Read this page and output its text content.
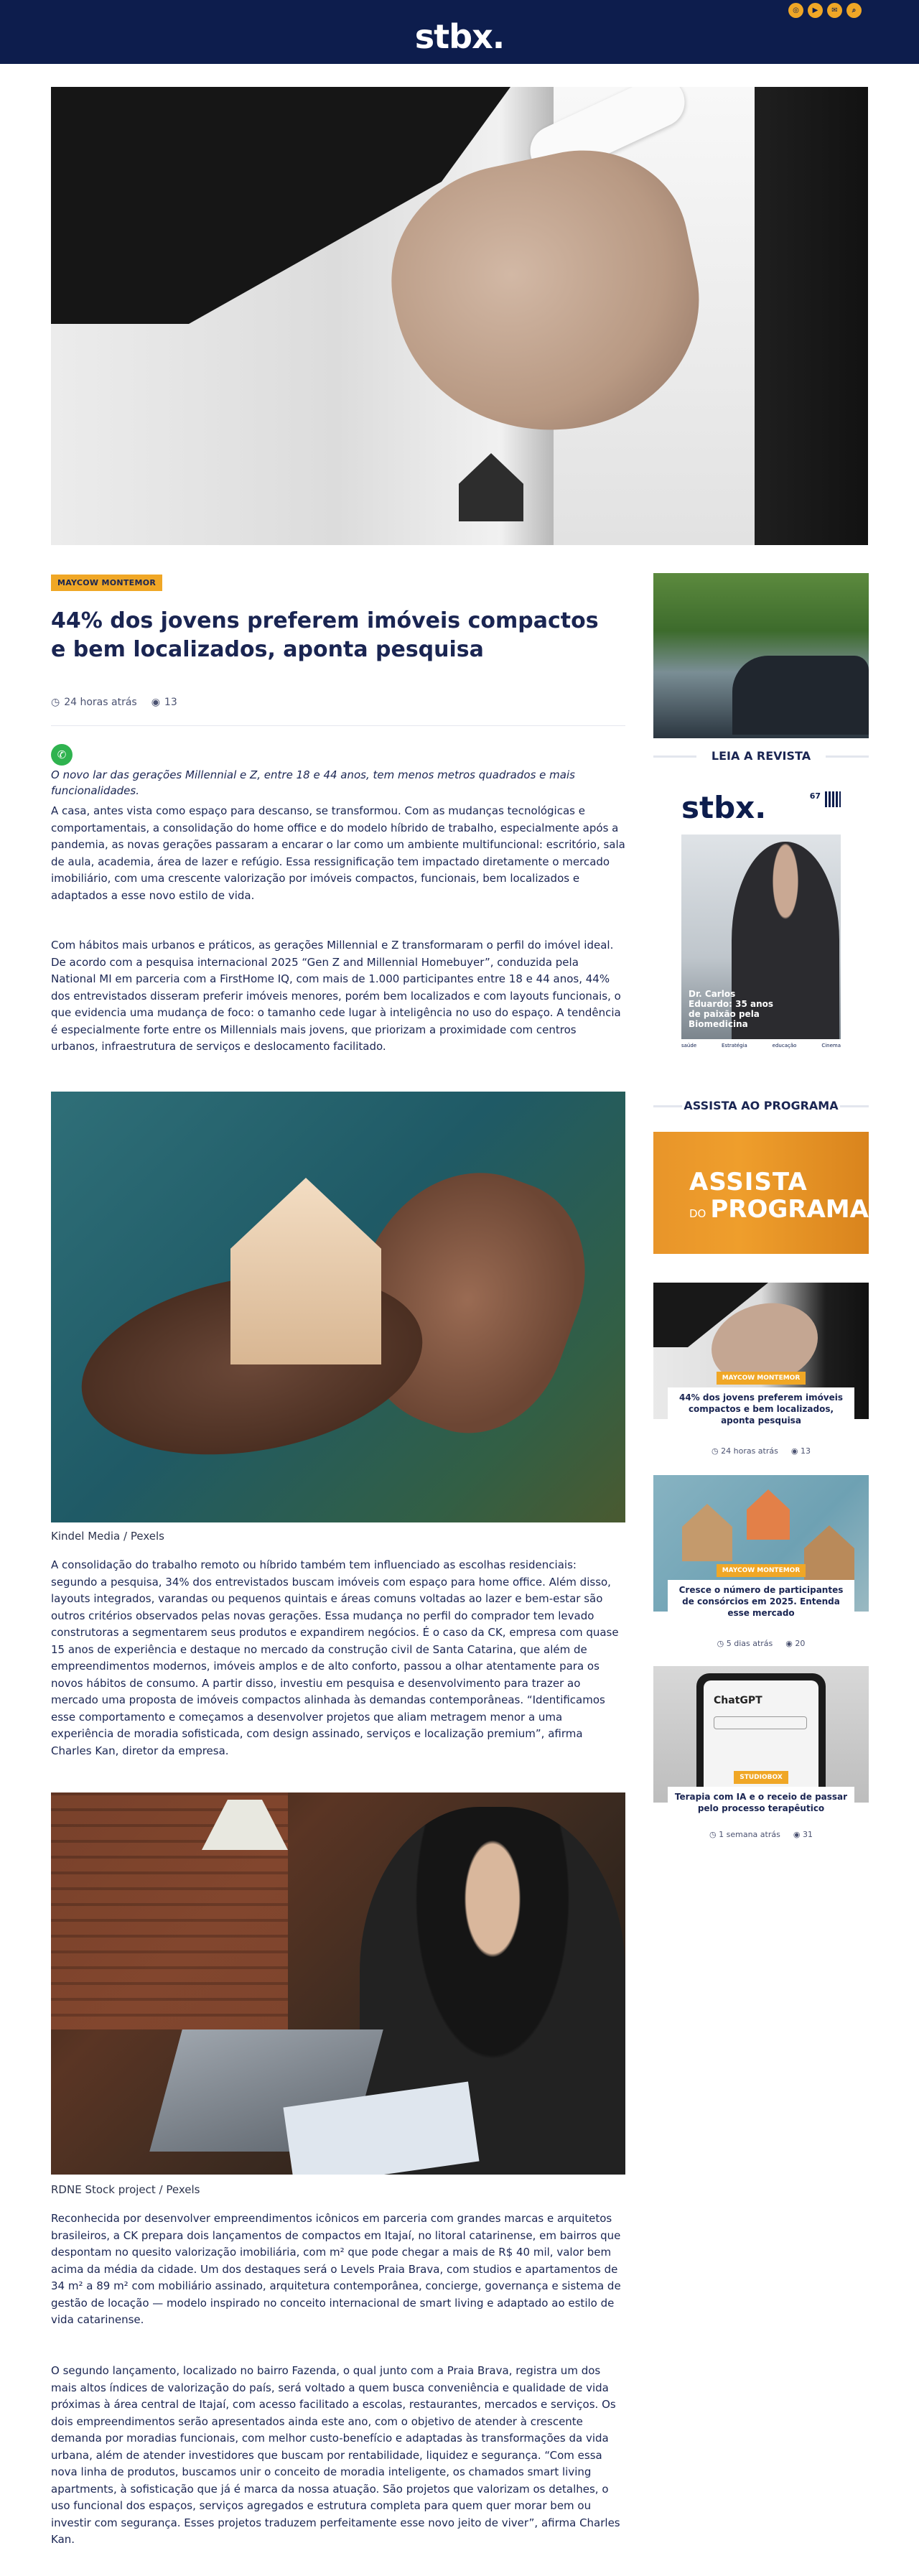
stbx.
◎	▶	✉	⌕
MAYCOW MONTEMOR
44% dos jovens preferem imóveis compactos e bem localizados, aponta pesquisa
◷ 24 horas atrás ◉ 13
✆

O novo lar das gerações Millennial e Z, entre 18 e 44 anos, tem menos metros quadrados e mais funcionalidades.

A casa, antes vista como espaço para descanso, se transformou. Com as mudanças tecnológicas e comportamentais, a consolidação do home office e do modelo híbrido de trabalho, especialmente após a pandemia, as novas gerações passaram a encarar o lar como um ambiente multifuncional: escritório, sala de aula, academia, área de lazer e refúgio. Essa ressignificação tem impactado diretamente o mercado imobiliário, com uma crescente valorização por imóveis compactos, funcionais, bem localizados e adaptados a esse novo estilo de vida.

Com hábitos mais urbanos e práticos, as gerações Millennial e Z transformaram o perfil do imóvel ideal. De acordo com a pesquisa internacional 2025 “Gen Z and Millennial Homebuyer”, conduzida pela National MI em parceria com a FirstHome IQ, com mais de 1.000 participantes entre 18 e 44 anos, 44% dos entrevistados disseram preferir imóveis menores, porém bem localizados e com layouts funcionais, o que evidencia uma mudança de foco: o tamanho cede lugar à inteligência no uso do espaço. A tendência é especialmente forte entre os Millennials mais jovens, que priorizam a proximidade com centros urbanos, infraestrutura de serviços e deslocamento facilitado.

Kindel Media / Pexels

A consolidação do trabalho remoto ou híbrido também tem influenciado as escolhas residenciais: segundo a pesquisa, 34% dos entrevistados buscam imóveis com espaço para home office. Além disso, layouts integrados, varandas ou pequenos quintais e áreas comuns voltadas ao lazer e bem-estar são outros critérios observados pelas novas gerações. Essa mudança no perfil do comprador tem levado construtoras a segmentarem seus produtos e expandirem negócios. É o caso da CK, empresa com quase 15 anos de experiência e destaque no mercado da construção civil de Santa Catarina, que além de empreendimentos modernos, imóveis amplos e de alto conforto, passou a olhar atentamente para os novos hábitos de consumo. A partir disso, investiu em pesquisa e desenvolvimento para trazer ao mercado uma proposta de imóveis compactos alinhada às demandas contemporâneas. “Identificamos esse comportamento e começamos a desenvolver projetos que aliam metragem menor a uma experiência de moradia sofisticada, com design assinado, serviços e localização premium”, afirma Charles Kan, diretor da empresa.

RDNE Stock project / Pexels

Reconhecida por desenvolver empreendimentos icônicos em parceria com grandes marcas e arquitetos brasileiros, a CK prepara dois lançamentos de compactos em Itajaí, no litoral catarinense, em bairros que despontam no quesito valorização imobiliária, com m² que pode chegar a mais de R$ 40 mil, valor bem acima da média da cidade. Um dos destaques será o Levels Praia Brava, com studios e apartamentos de 34 m² a 89 m² com mobiliário assinado, arquitetura contemporânea, concierge, governança e sistema de gestão de locação — modelo inspirado no conceito internacional de smart living e adaptado ao estilo de vida catarinense.

O segundo lançamento, localizado no bairro Fazenda, o qual junto com a Praia Brava, registra um dos mais altos índices de valorização do país, será voltado a quem busca conveniência e qualidade de vida próximas à área central de Itajaí, com acesso facilitado a escolas, restaurantes, mercados e serviços. Os dois empreendimentos serão apresentados ainda este ano, com o objetivo de atender à crescente demanda por moradias funcionais, com melhor custo-benefício e adaptadas às transformações da vida urbana, além de atender investidores que buscam por rentabilidade, liquidez e segurança. “Com essa nova linha de produtos, buscamos unir o conceito de moradia inteligente, os chamados smart living apartments, à sofisticação que já é marca da nossa atuação. São projetos que valorizam os detalhes, o uso funcional dos espaços, serviços agregados e estrutura completa para quem quer morar bem ou investir com segurança. Esses projetos traduzem perfeitamente esse novo jeito de viver”, afirma Charles Kan.

LEIA A REVISTA
stbx.	67
Dr. Carlos Eduardo: 35 anos de paixão pela Biomedicina
saúde	Estratégia	educação	Cinema
ASSISTA AO PROGRAMA
ASSISTA
DO PROGRAMA
MAYCOW MONTEMOR
44% dos jovens preferem imóveis compactos e bem localizados, aponta pesquisa
◷ 24 horas atrás ◉ 13
MAYCOW MONTEMOR
Cresce o número de participantes de consórcios em 2025. Entenda esse mercado
◷ 5 dias atrás ◉ 20
ChatGPT
STUDIOBOX
Terapia com IA e o receio de passar pelo processo terapêutico
◷ 1 semana atrás ◉ 31
